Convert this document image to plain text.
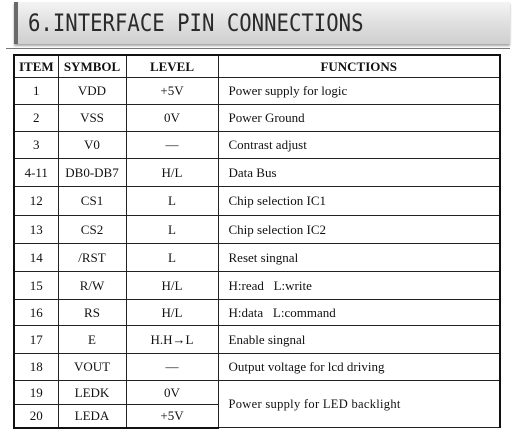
6.INTERFACE PIN CONNECTIONS
ITEM	SYMBOL	LEVEL	FUNCTIONS
1	VDD	+5V	Power supply for logic
2	VSS	0V	Power Ground
3	V0	—	Contrast adjust
4-11	DB0-DB7	H/L	Data Bus
12	CS1	L	Chip selection IC1
13	CS2	L	Chip selection IC2
14	/RST	L	Reset singnal
15	R/W	H/L	H:read   L:write
16	RS	H/L	H:data   L:command
17	E	H.H→L	Enable singnal
18	VOUT	—	Output voltage for lcd driving
19	LEDK	0V	Power supply for LED backlight
20	LEDA	+5V	
